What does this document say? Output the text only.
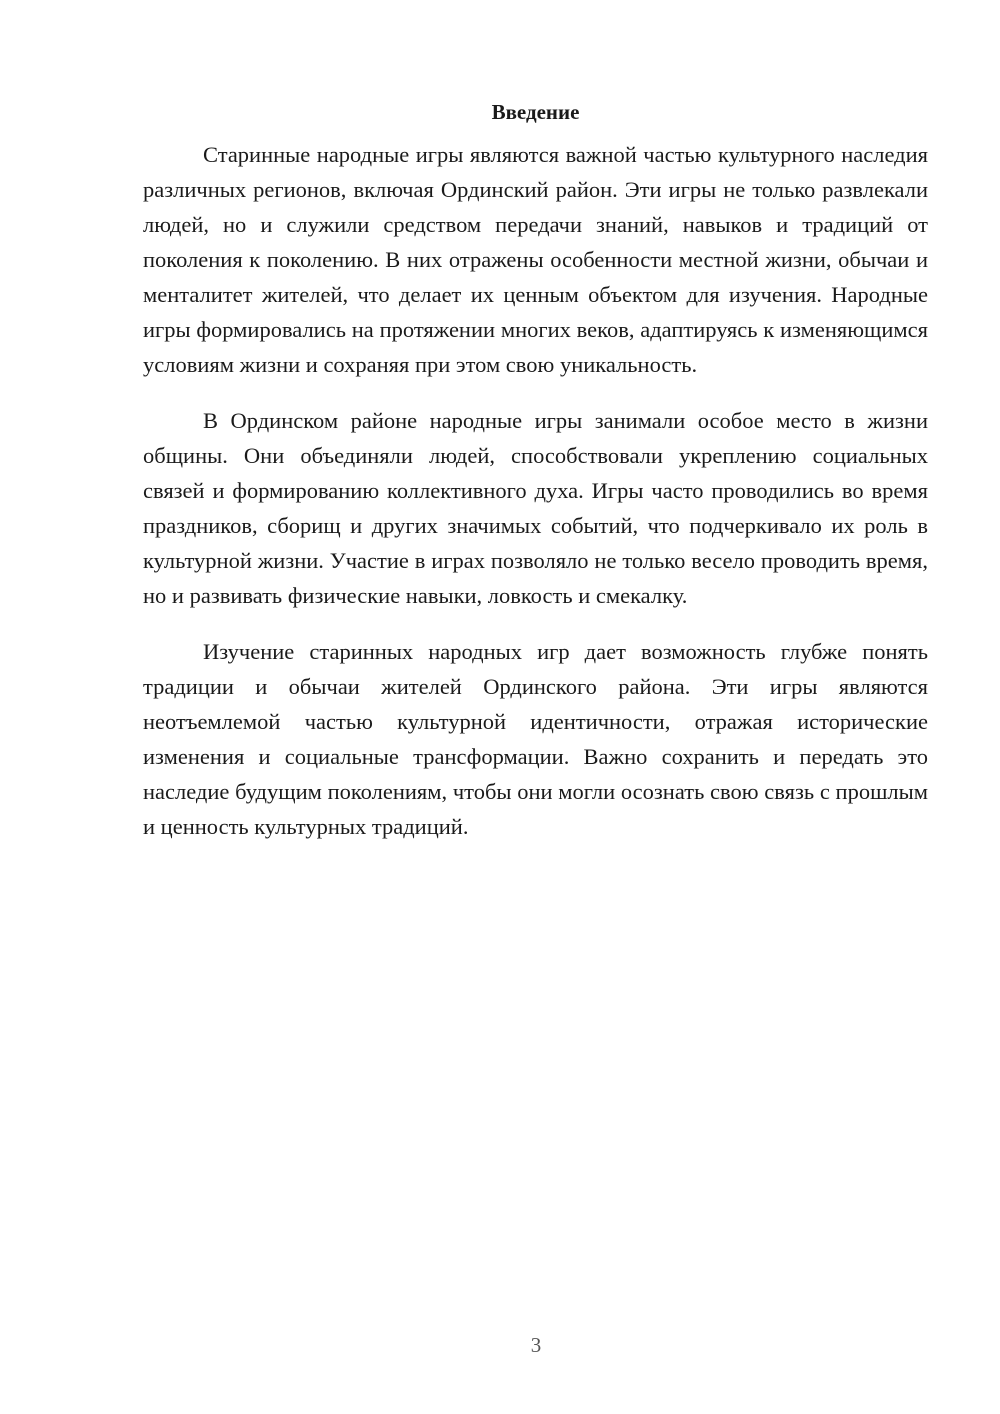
Введение

Старинные народные игры являются важной частью культурного наследия различных регионов, включая Ординский район. Эти игры не только развлекали людей, но и служили средством передачи знаний, навыков и традиций от поколения к поколению. В них отражены особенности местной жизни, обычаи и менталитет жителей, что делает их ценным объектом для изучения. Народные игры формировались на протяжении многих веков, адаптируясь к изменяющимся условиям жизни и сохраняя при этом свою уникальность.

В Ординском районе народные игры занимали особое место в жизни общины. Они объединяли людей, способствовали укреплению социальных связей и формированию коллективного духа. Игры часто проводились во время праздников, сборищ и других значимых событий, что подчеркивало их роль в культурной жизни. Участие в играх позволяло не только весело проводить время, но и развивать физические навыки, ловкость и смекалку.

Изучение старинных народных игр дает возможность глубже понять традиции и обычаи жителей Ординского района. Эти игры являются неотъемлемой частью культурной идентичности, отражая исторические изменения и социальные трансформации. Важно сохранить и передать это наследие будущим поколениям, чтобы они могли осознать свою связь с прошлым и ценность культурных традиций.

3
